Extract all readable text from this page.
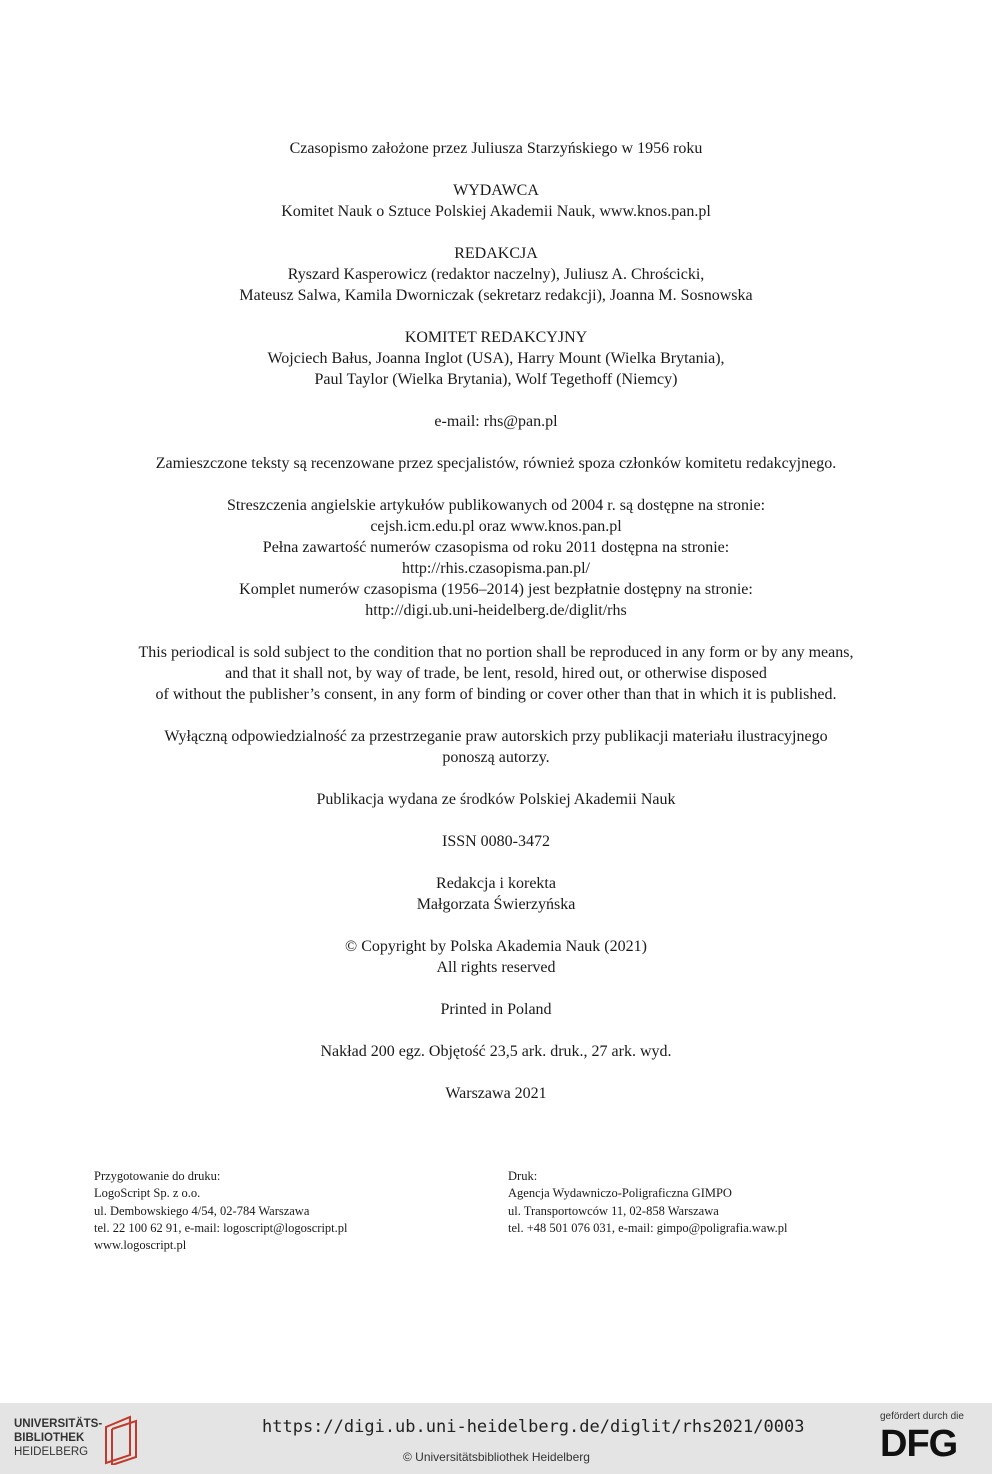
Czasopismo założone przez Juliusza Starzyńskiego w 1956 roku
WYDAWCA
Komitet Nauk o Sztuce Polskiej Akademii Nauk, www.knos.pan.pl
REDAKCJA
Ryszard Kasperowicz (redaktor naczelny), Juliusz A. Chrościcki,
Mateusz Salwa, Kamila Dworniczak (sekretarz redakcji), Joanna M. Sosnowska
KOMITET REDAKCYJNY
Wojciech Bałus, Joanna Inglot (USA), Harry Mount (Wielka Brytania),
Paul Taylor (Wielka Brytania), Wolf Tegethoff (Niemcy)
e-mail: rhs@pan.pl
Zamieszczone teksty są recenzowane przez specjalistów, również spoza członków komitetu redakcyjnego.
Streszczenia angielskie artykułów publikowanych od 2004 r. są dostępne na stronie:
cejsh.icm.edu.pl oraz www.knos.pan.pl
Pełna zawartość numerów czasopisma od roku 2011 dostępna na stronie:
http://rhis.czasopisma.pan.pl/
Komplet numerów czasopisma (1956–2014) jest bezpłatnie dostępny na stronie:
http://digi.ub.uni-heidelberg.de/diglit/rhs
This periodical is sold subject to the condition that no portion shall be reproduced in any form or by any means,
and that it shall not, by way of trade, be lent, resold, hired out, or otherwise disposed
of without the publisher’s consent, in any form of binding or cover other than that in which it is published.
Wyłączną odpowiedzialność za przestrzeganie praw autorskich przy publikacji materiału ilustracyjnego
ponoszą autorzy.
Publikacja wydana ze środków Polskiej Akademii Nauk
ISSN 0080-3472
Redakcja i korekta
Małgorzata Świerzyńska
© Copyright by Polska Akademia Nauk (2021)
All rights reserved
Printed in Poland
Nakład 200 egz. Objętość 23,5 ark. druk., 27 ark. wyd.
Warszawa 2021
Przygotowanie do druku:
LogoScript Sp. z o.o.
ul. Dembowskiego 4/54, 02-784 Warszawa
tel. 22 100 62 91, e-mail: logoscript@logoscript.pl
www.logoscript.pl
Druk:
Agencja Wydawniczo-Poligraficzna GIMPO
ul. Transportowców 11, 02-858 Warszawa
tel. +48 501 076 031, e-mail: gimpo@poligrafia.waw.pl
UNIVERSITÄTS-
BIBLIOTHEK
HEIDELBERG
https://digi.ub.uni-heidelberg.de/diglit/rhs2021/0003
© Universitätsbibliothek Heidelberg
gefördert durch die
DFG
